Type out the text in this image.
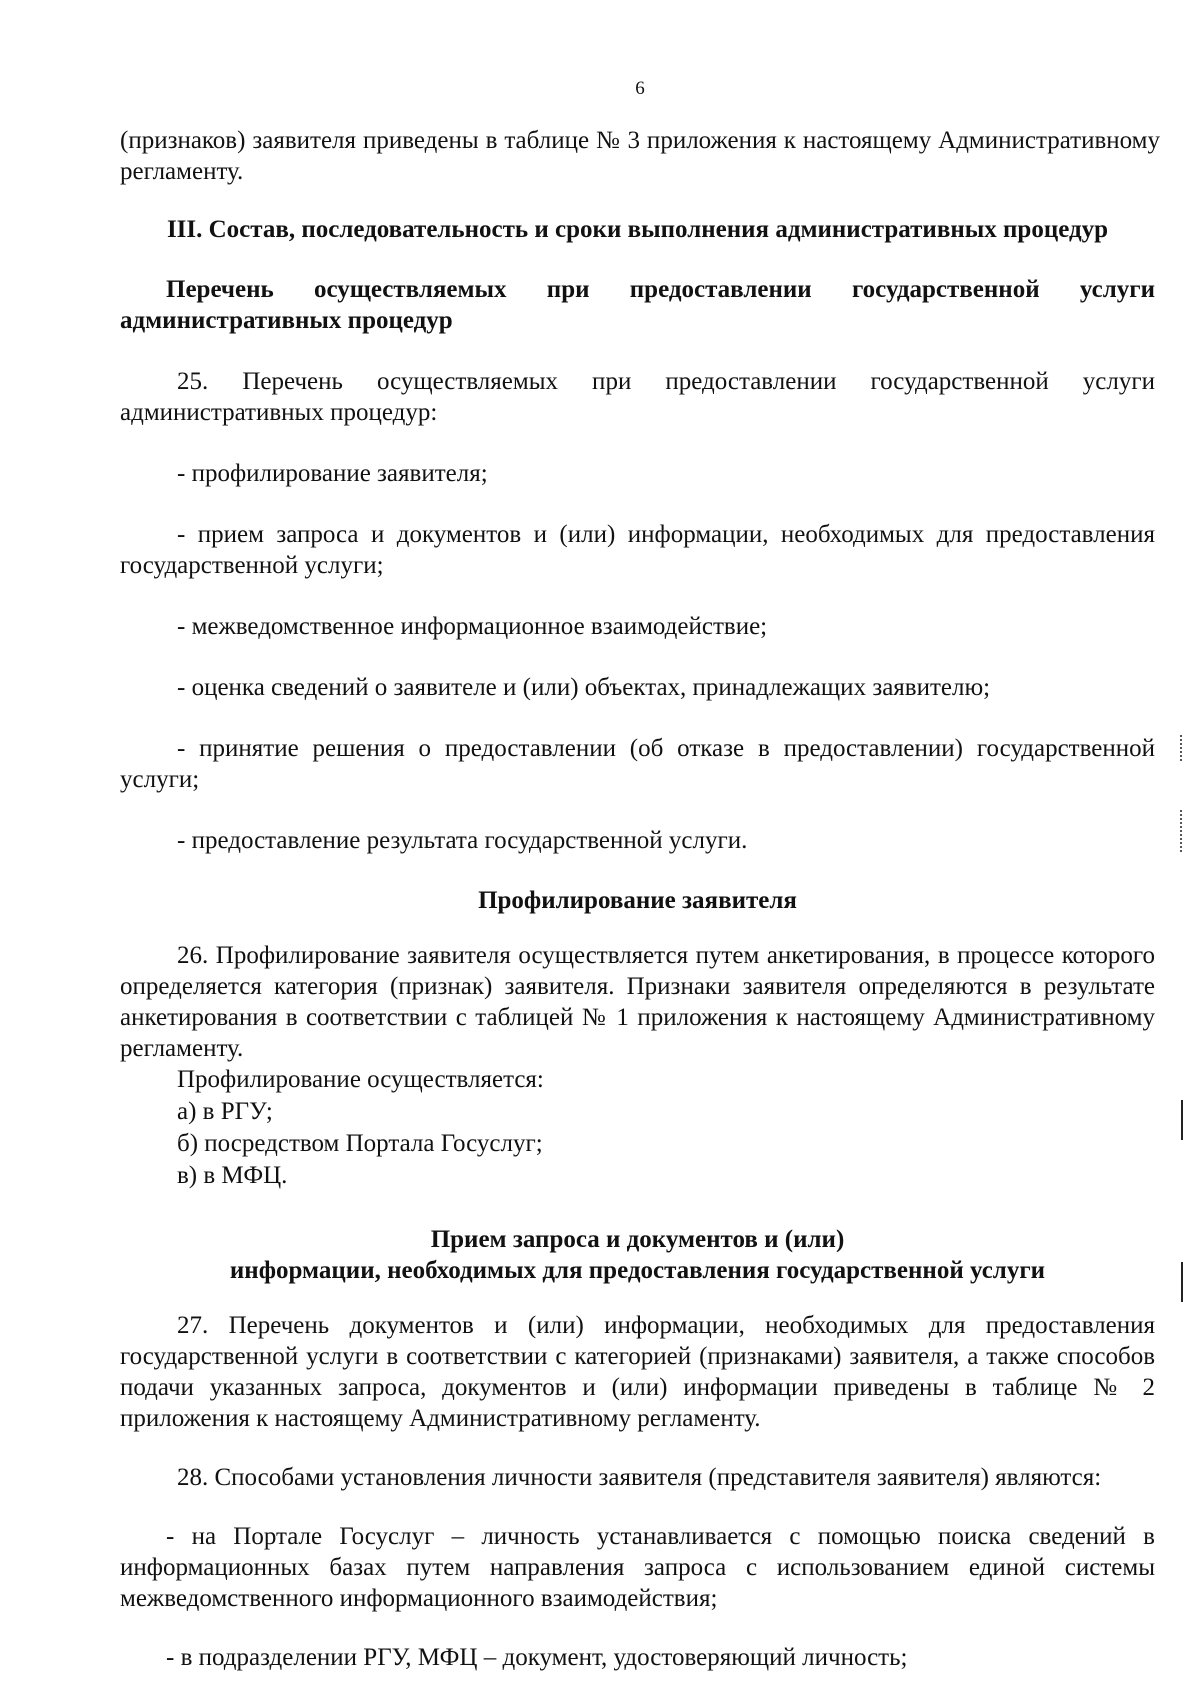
6

(признаков) заявителя приведены в таблице № 3 приложения к настоящему Административному регламенту.

III. Состав, последовательность и сроки выполнения административных процедур

Перечень осуществляемых при предоставлении государственной услуги административных процедур

25. Перечень осуществляемых при предоставлении государственной услуги административных процедур:

- профилирование заявителя;

- прием запроса и документов и (или) информации, необходимых для предоставления государственной услуги;

- межведомственное информационное взаимодействие;

- оценка сведений о заявителе и (или) объектах, принадлежащих заявителю;

- принятие решения о предоставлении (об отказе в предоставлении) государственной услуги;

- предоставление результата государственной услуги.

Профилирование заявителя

26. Профилирование заявителя осуществляется путем анкетирования, в процессе которого определяется категория (признак) заявителя. Признаки заявителя определяются в результате анкетирования в соответствии с таблицей № 1 приложения к настоящему Административному регламенту.

Профилирование осуществляется:

а) в РГУ;

б) посредством Портала Госуслуг;

в) в МФЦ.

Прием запроса и документов и (или)

информации, необходимых для предоставления государственной услуги

27. Перечень документов и (или) информации, необходимых для предоставления государственной услуги в соответствии с категорией (признаками) заявителя, а также способов подачи указанных запроса, документов и (или) информации приведены в таблице № 2 приложения к настоящему Административному регламенту.

28. Способами установления личности заявителя (представителя заявителя) являются:

- на Портале Госуслуг – личность устанавливается с помощью поиска сведений в информационных базах путем направления запроса с использованием единой системы межведомственного информационного взаимодействия;

- в подразделении РГУ, МФЦ – документ, удостоверяющий личность;
